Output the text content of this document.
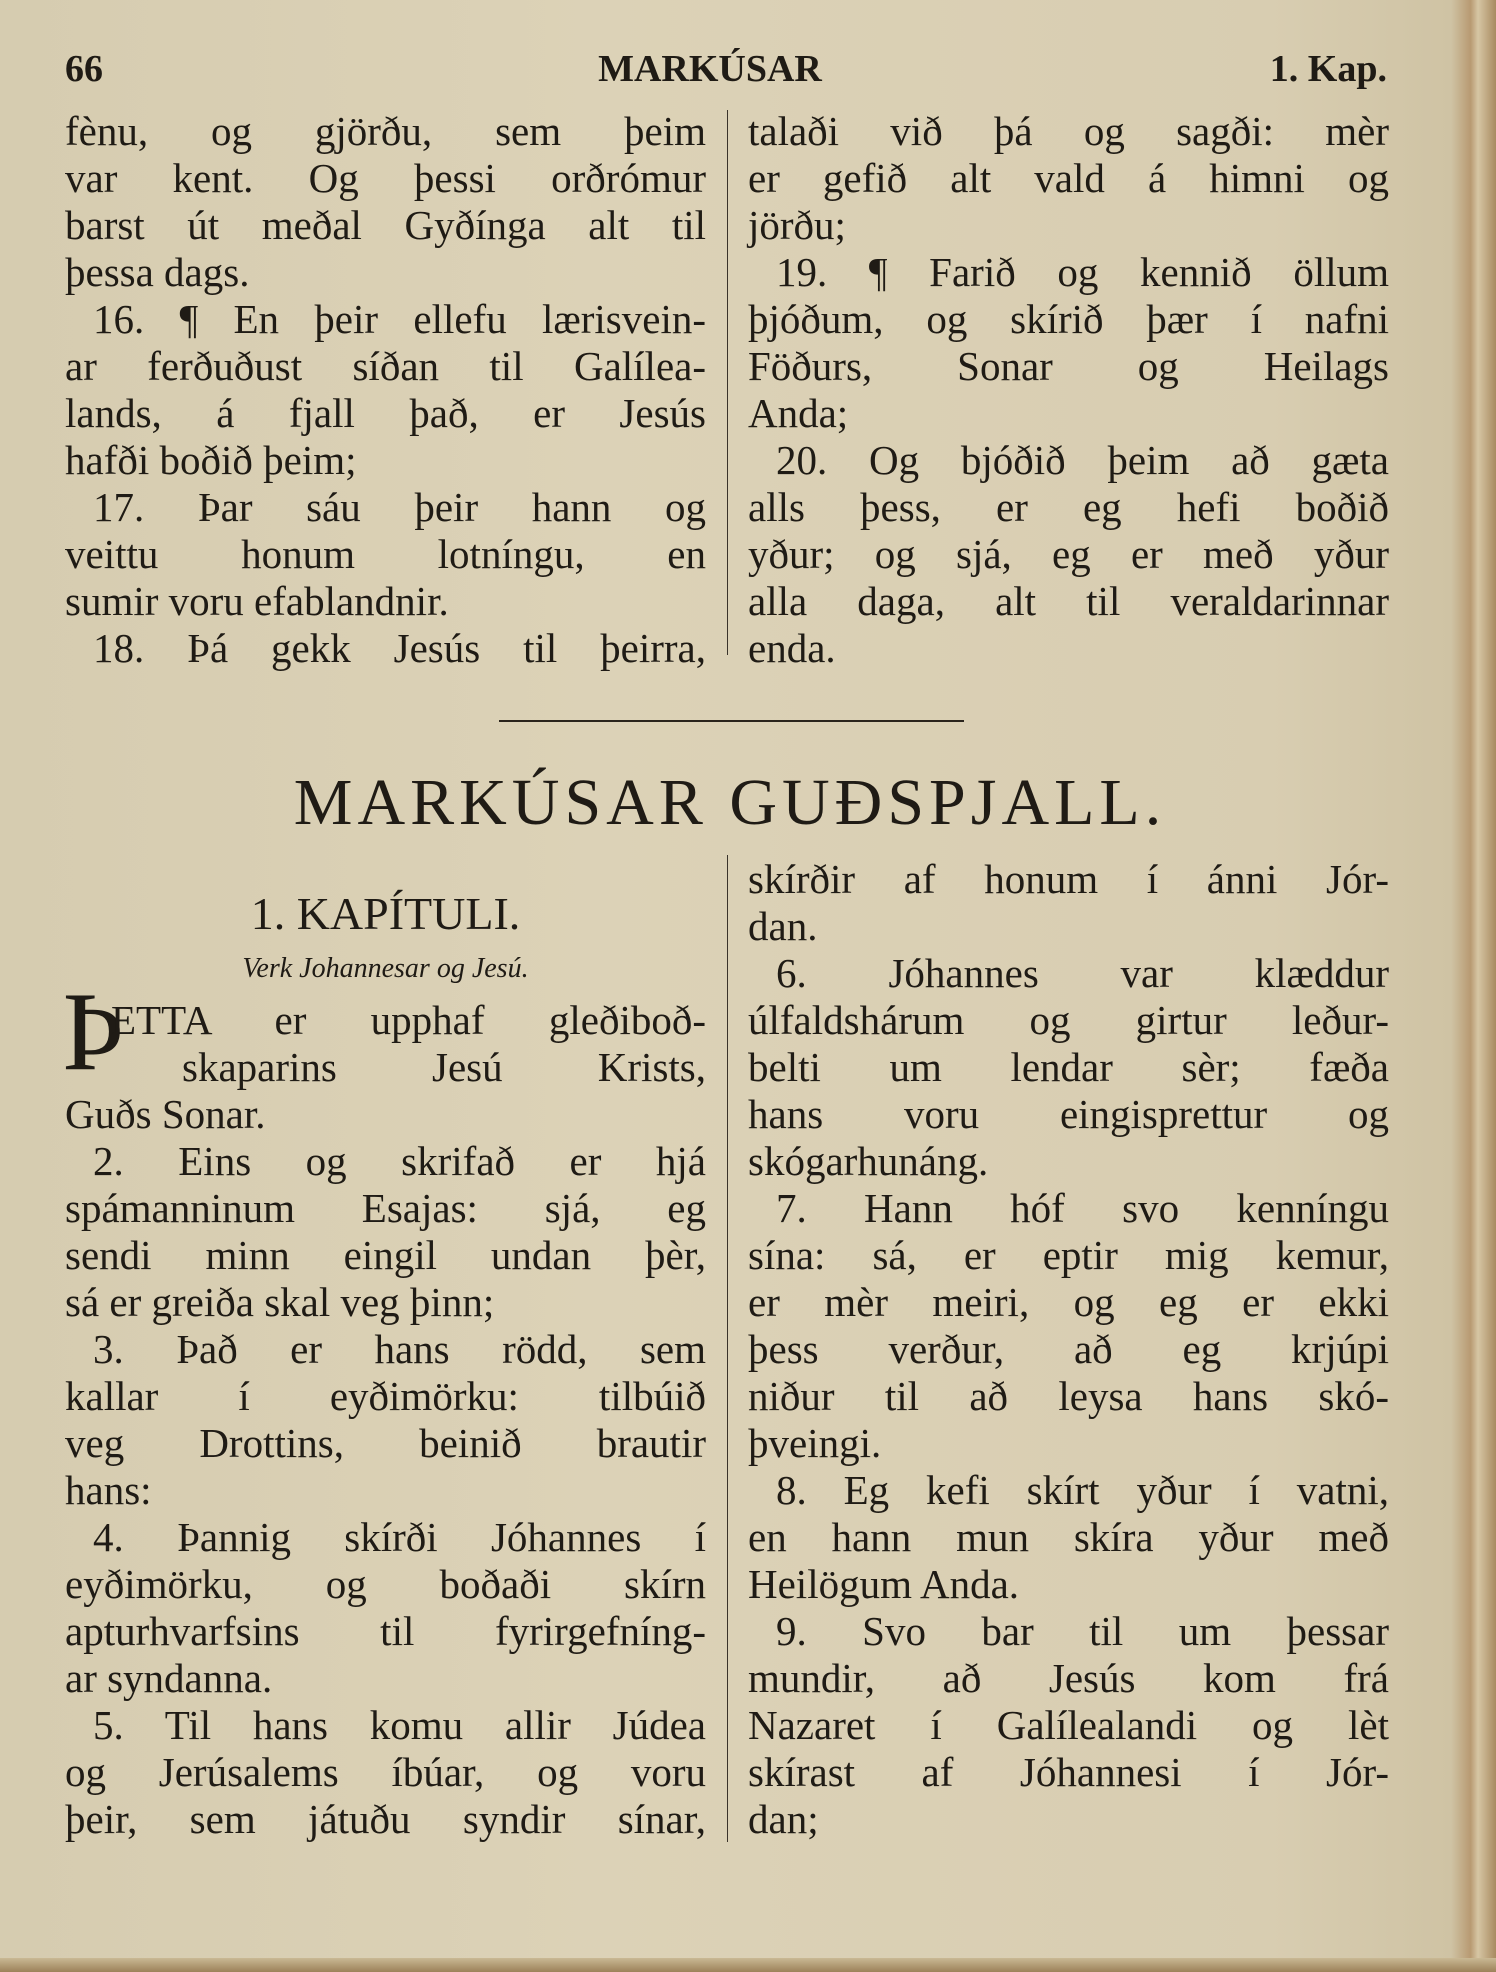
66	MARKÚSAR	1. Kap.
fènu, og gjörðu, sem þeim
var kent. Og þessi orðrómur
barst út meðal Gyðínga alt til
þessa dags.
16. ¶ En þeir ellefu lærisvein-
ar ferðuðust síðan til Galílea-
lands, á fjall það, er Jesús
hafði boðið þeim;
17. Þar sáu þeir hann og
veittu honum lotníngu, en
sumir voru efablandnir.
18. Þá gekk Jesús til þeirra,
talaði við þá og sagði: mèr
er gefið alt vald á himni og
jörðu;
19. ¶ Farið og kennið öllum
þjóðum, og skírið þær í nafni
Föðurs, Sonar og Heilags
Anda;
20. Og bjóðið þeim að gæta
alls þess, er eg hefi boðið
yður; og sjá, eg er með yður
alla daga, alt til veraldarinnar
enda.
MARKÚSAR GUÐSPJALL.
1. KAPÍTULI.
Verk Johannesar og Jesú.
Þ
ETTA er upphaf gleðiboð-
skaparins Jesú Krists,
Guðs Sonar.
2. Eins og skrifað er hjá
spámanninum Esajas: sjá, eg
sendi minn eingil undan þèr,
sá er greiða skal veg þinn;
3. Það er hans rödd, sem
kallar í eyðimörku: tilbúið
veg Drottins, beinið brautir
hans:
4. Þannig skírði Jóhannes í
eyðimörku, og boðaði skírn
apturhvarfsins til fyrirgefníng-
ar syndanna.
5. Til hans komu allir Júdea
og Jerúsalems íbúar, og voru
þeir, sem játuðu syndir sínar,
skírðir af honum í ánni Jór-
dan.
6. Jóhannes var klæddur
úlfaldshárum og girtur leður-
belti um lendar sèr; fæða
hans voru eingisprettur og
skógarhunáng.
7. Hann hóf svo kenníngu
sína: sá, er eptir mig kemur,
er mèr meiri, og eg er ekki
þess verður, að eg krjúpi
niður til að leysa hans skó-
þveingi.
8. Eg kefi skírt yður í vatni,
en hann mun skíra yður með
Heilögum Anda.
9. Svo bar til um þessar
mundir, að Jesús kom frá
Nazaret í Galílealandi og lèt
skírast af Jóhannesi í Jór-
dan;
